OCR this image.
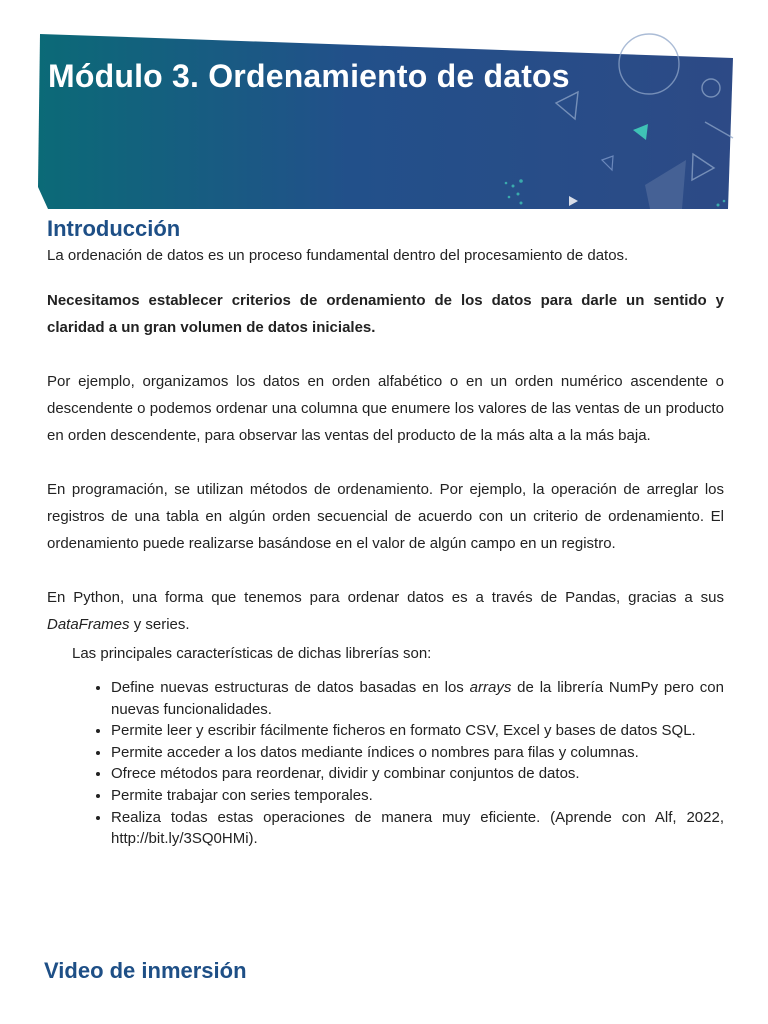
Módulo 3. Ordenamiento de datos
Introducción

La ordenación de datos es un proceso fundamental dentro del procesamiento de datos.

Necesitamos establecer criterios de ordenamiento de los datos para darle un sentido y claridad a un gran volumen de datos iniciales.

Por ejemplo, organizamos los datos en orden alfabético o en un orden numérico ascendente o descendente o podemos ordenar una columna que enumere los valores de las ventas de un producto en orden descendente, para observar las ventas del producto de la más alta a la más baja.

En programación, se utilizan métodos de ordenamiento. Por ejemplo, la operación de arreglar los registros de una tabla en algún orden secuencial de acuerdo con un criterio de ordenamiento. El ordenamiento puede realizarse basándose en el valor de algún campo en un registro.

En Python, una forma que tenemos para ordenar datos es a través de Pandas, gracias a sus DataFrames y series.

Las principales características de dichas librerías son:

• Define nuevas estructuras de datos basadas en los arrays de la librería NumPy pero con nuevas funcionalidades.
• Permite leer y escribir fácilmente ficheros en formato CSV, Excel y bases de datos SQL.
• Permite acceder a los datos mediante índices o nombres para filas y columnas.
• Ofrece métodos para reordenar, dividir y combinar conjuntos de datos.
• Permite trabajar con series temporales.
• Realiza todas estas operaciones de manera muy eficiente. (Aprende con Alf, 2022, http://bit.ly/3SQ0HMi).
Video de inmersión
